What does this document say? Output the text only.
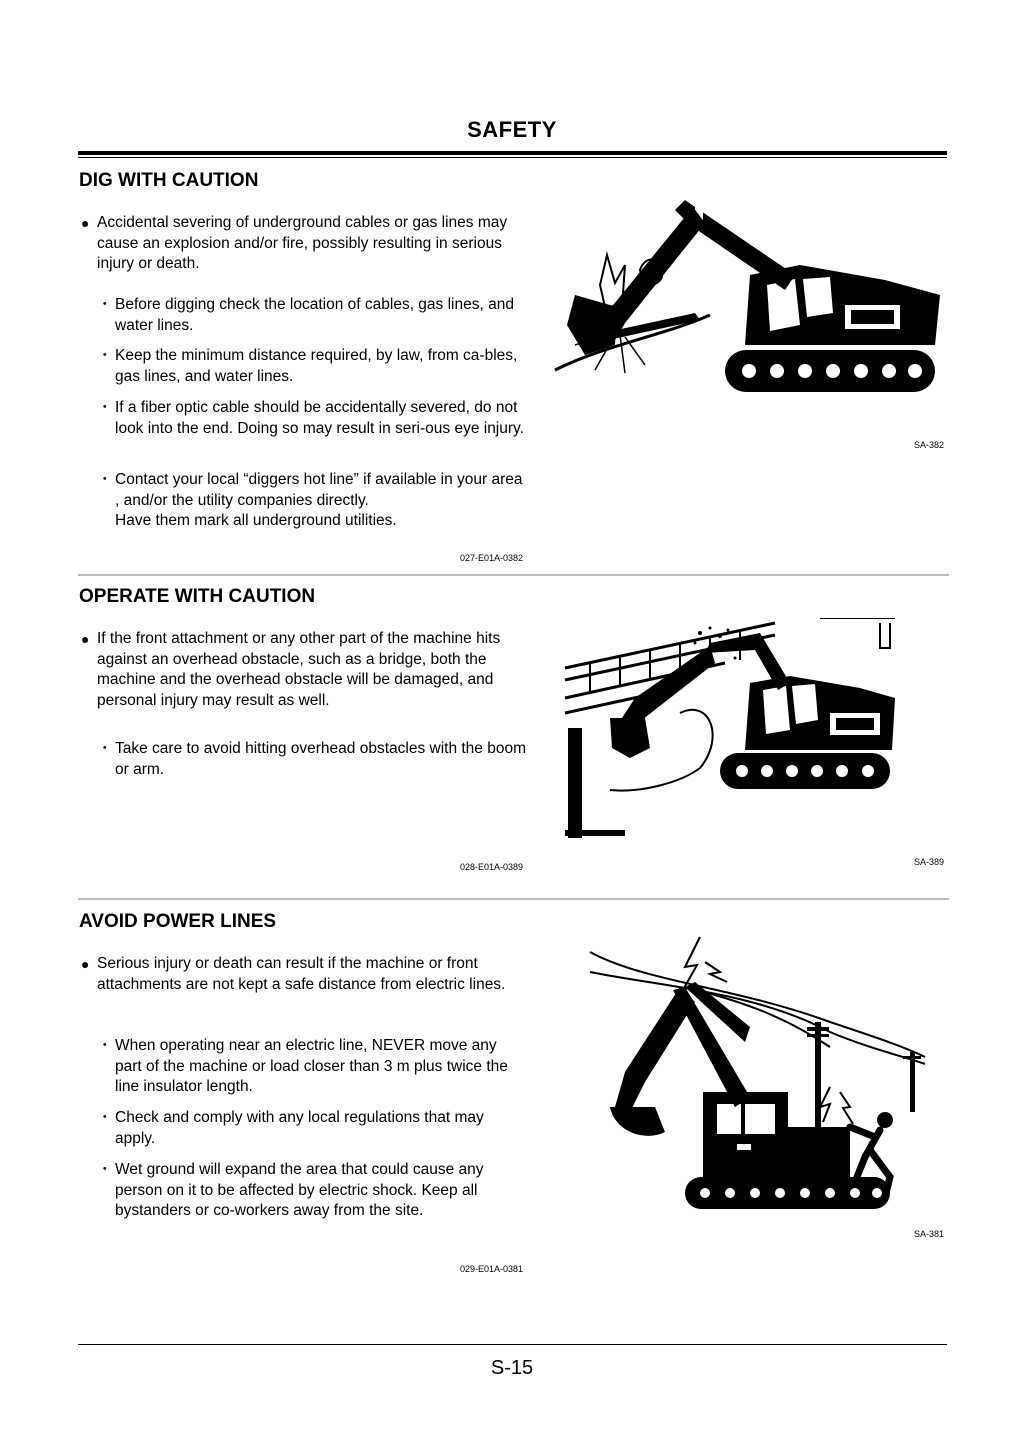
SAFETY
DIG WITH CAUTION
● Accidental severing of underground cables or gas lines may cause an explosion and/or fire, possibly resulting in serious injury or death.
・ Before digging check the location of cables, gas lines, and water lines.
・ Keep the minimum distance required, by law, from ca-bles, gas lines, and water lines.
・ If a fiber optic cable should be accidentally severed, do not look into the end. Doing so may result in seri-ous eye injury.
・ Contact your local “diggers hot line” if available in your area , and/or the utility companies directly.
Have them mark all underground utilities.
027-E01A-0382
SA-382
OPERATE WITH CAUTION
● If the front attachment or any other part of the machine hits against an overhead obstacle, such as a bridge, both the machine and the overhead obstacle will be damaged, and personal injury may result as well.
・ Take care to avoid hitting overhead obstacles with the boom or arm.
028-E01A-0389	SA-389
AVOID POWER LINES
● Serious injury or death can result if the machine or front attachments are not kept a safe distance from electric lines.
・ When operating near an electric line, NEVER move any part of the machine or load closer than 3 m plus twice the line insulator length.
・ Check and comply with any local regulations that may apply.
・ Wet ground will expand the area that could cause any person on it to be affected by electric shock. Keep all bystanders or co-workers away from the site.
029-E01A-0381
SA-381
S-15
